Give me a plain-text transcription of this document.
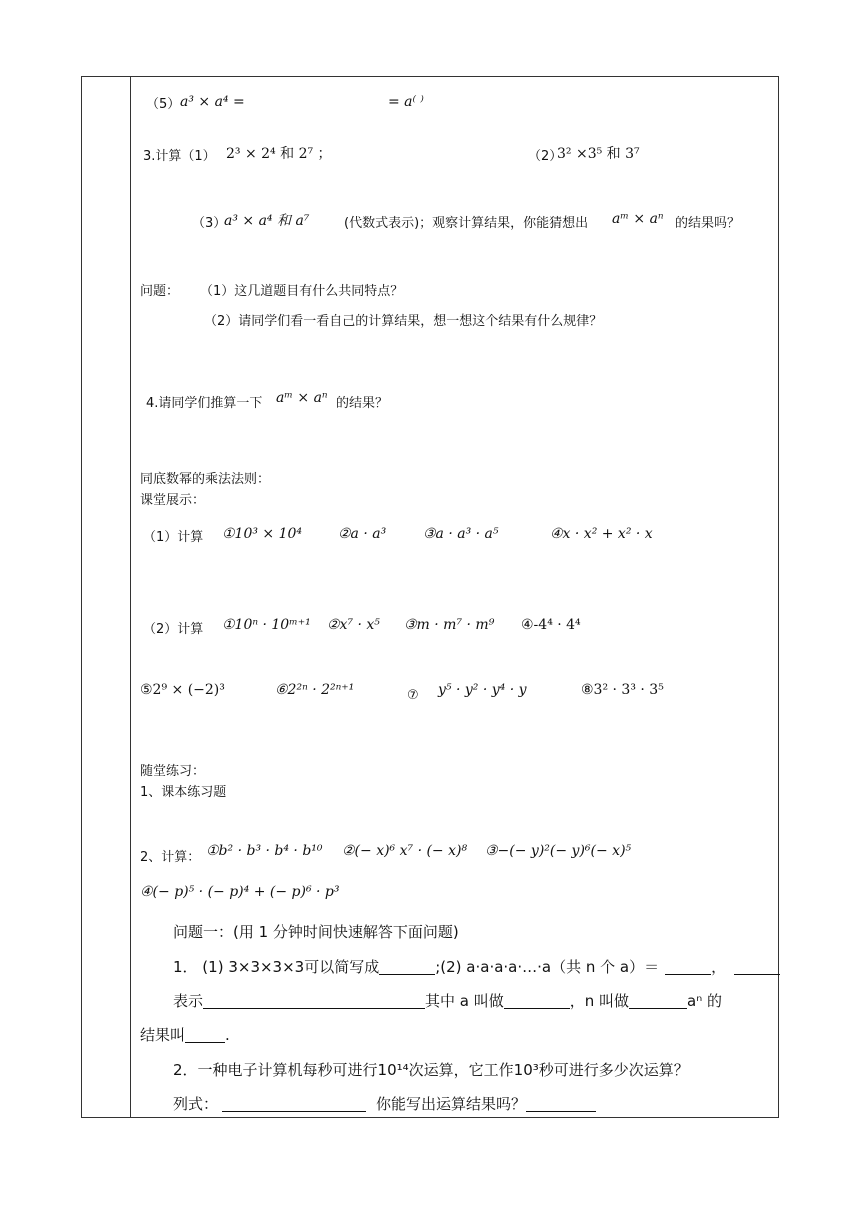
（5） a³ × a⁴ =	= a⁽ ⁾
3.计算（1） 2³ × 2⁴ 和 2⁷ ；	（2）
3² ×3⁵ 和 3⁷
（3）
a³ × a⁴ 和 a⁷	(代数式表示)；观察计算结果，你能猜想出 aᵐ × aⁿ 的结果吗？
问题： （1）这几道题目有什么共同特点？
（2）请同学们看一看自己的计算结果，想一想这个结果有什么规律？
4.请同学们推算一下 aᵐ × aⁿ 的结果？
同底数幂的乘法法则：
课堂展示：
（1）计算 ①10³ × 10⁴	②a · a³	③a · a³ · a⁵	④x · x² + x² · x
（2）计算 ①10ⁿ · 10ᵐ⁺¹ ②x⁷ · x⁵ ③m · m⁷ · m⁹ ④-4⁴ · 4⁴
⑤2⁹ × (−2)³	⑥2²ⁿ · 2²ⁿ⁺¹	⑦ y⁵ · y² · y⁴ · y	⑧3² · 3³ · 3⁵
随堂练习：
1、课本练习题
2、计算： ①b² · b³ · b⁴ · b¹⁰ ②(− x)⁶ x⁷ · (− x)⁸ ③−(− y)²(− y)⁶(− x)⁵
④(− p)⁵ · (− p)⁴ + (− p)⁶ · p³
问题一：(用 1 分钟时间快速解答下面问题)
1． (1) 3×3×3×3可以简写成	;(2) a·a·a·a·…·a（共 n 个 a）＝	，
表示	其中 a 叫做	，n 叫做	aⁿ 的
结果叫	.
2．一种电子计算机每秒可进行10¹⁴次运算，它工作10³秒可进行多少次运算？
列式：	你能写出运算结果吗？
